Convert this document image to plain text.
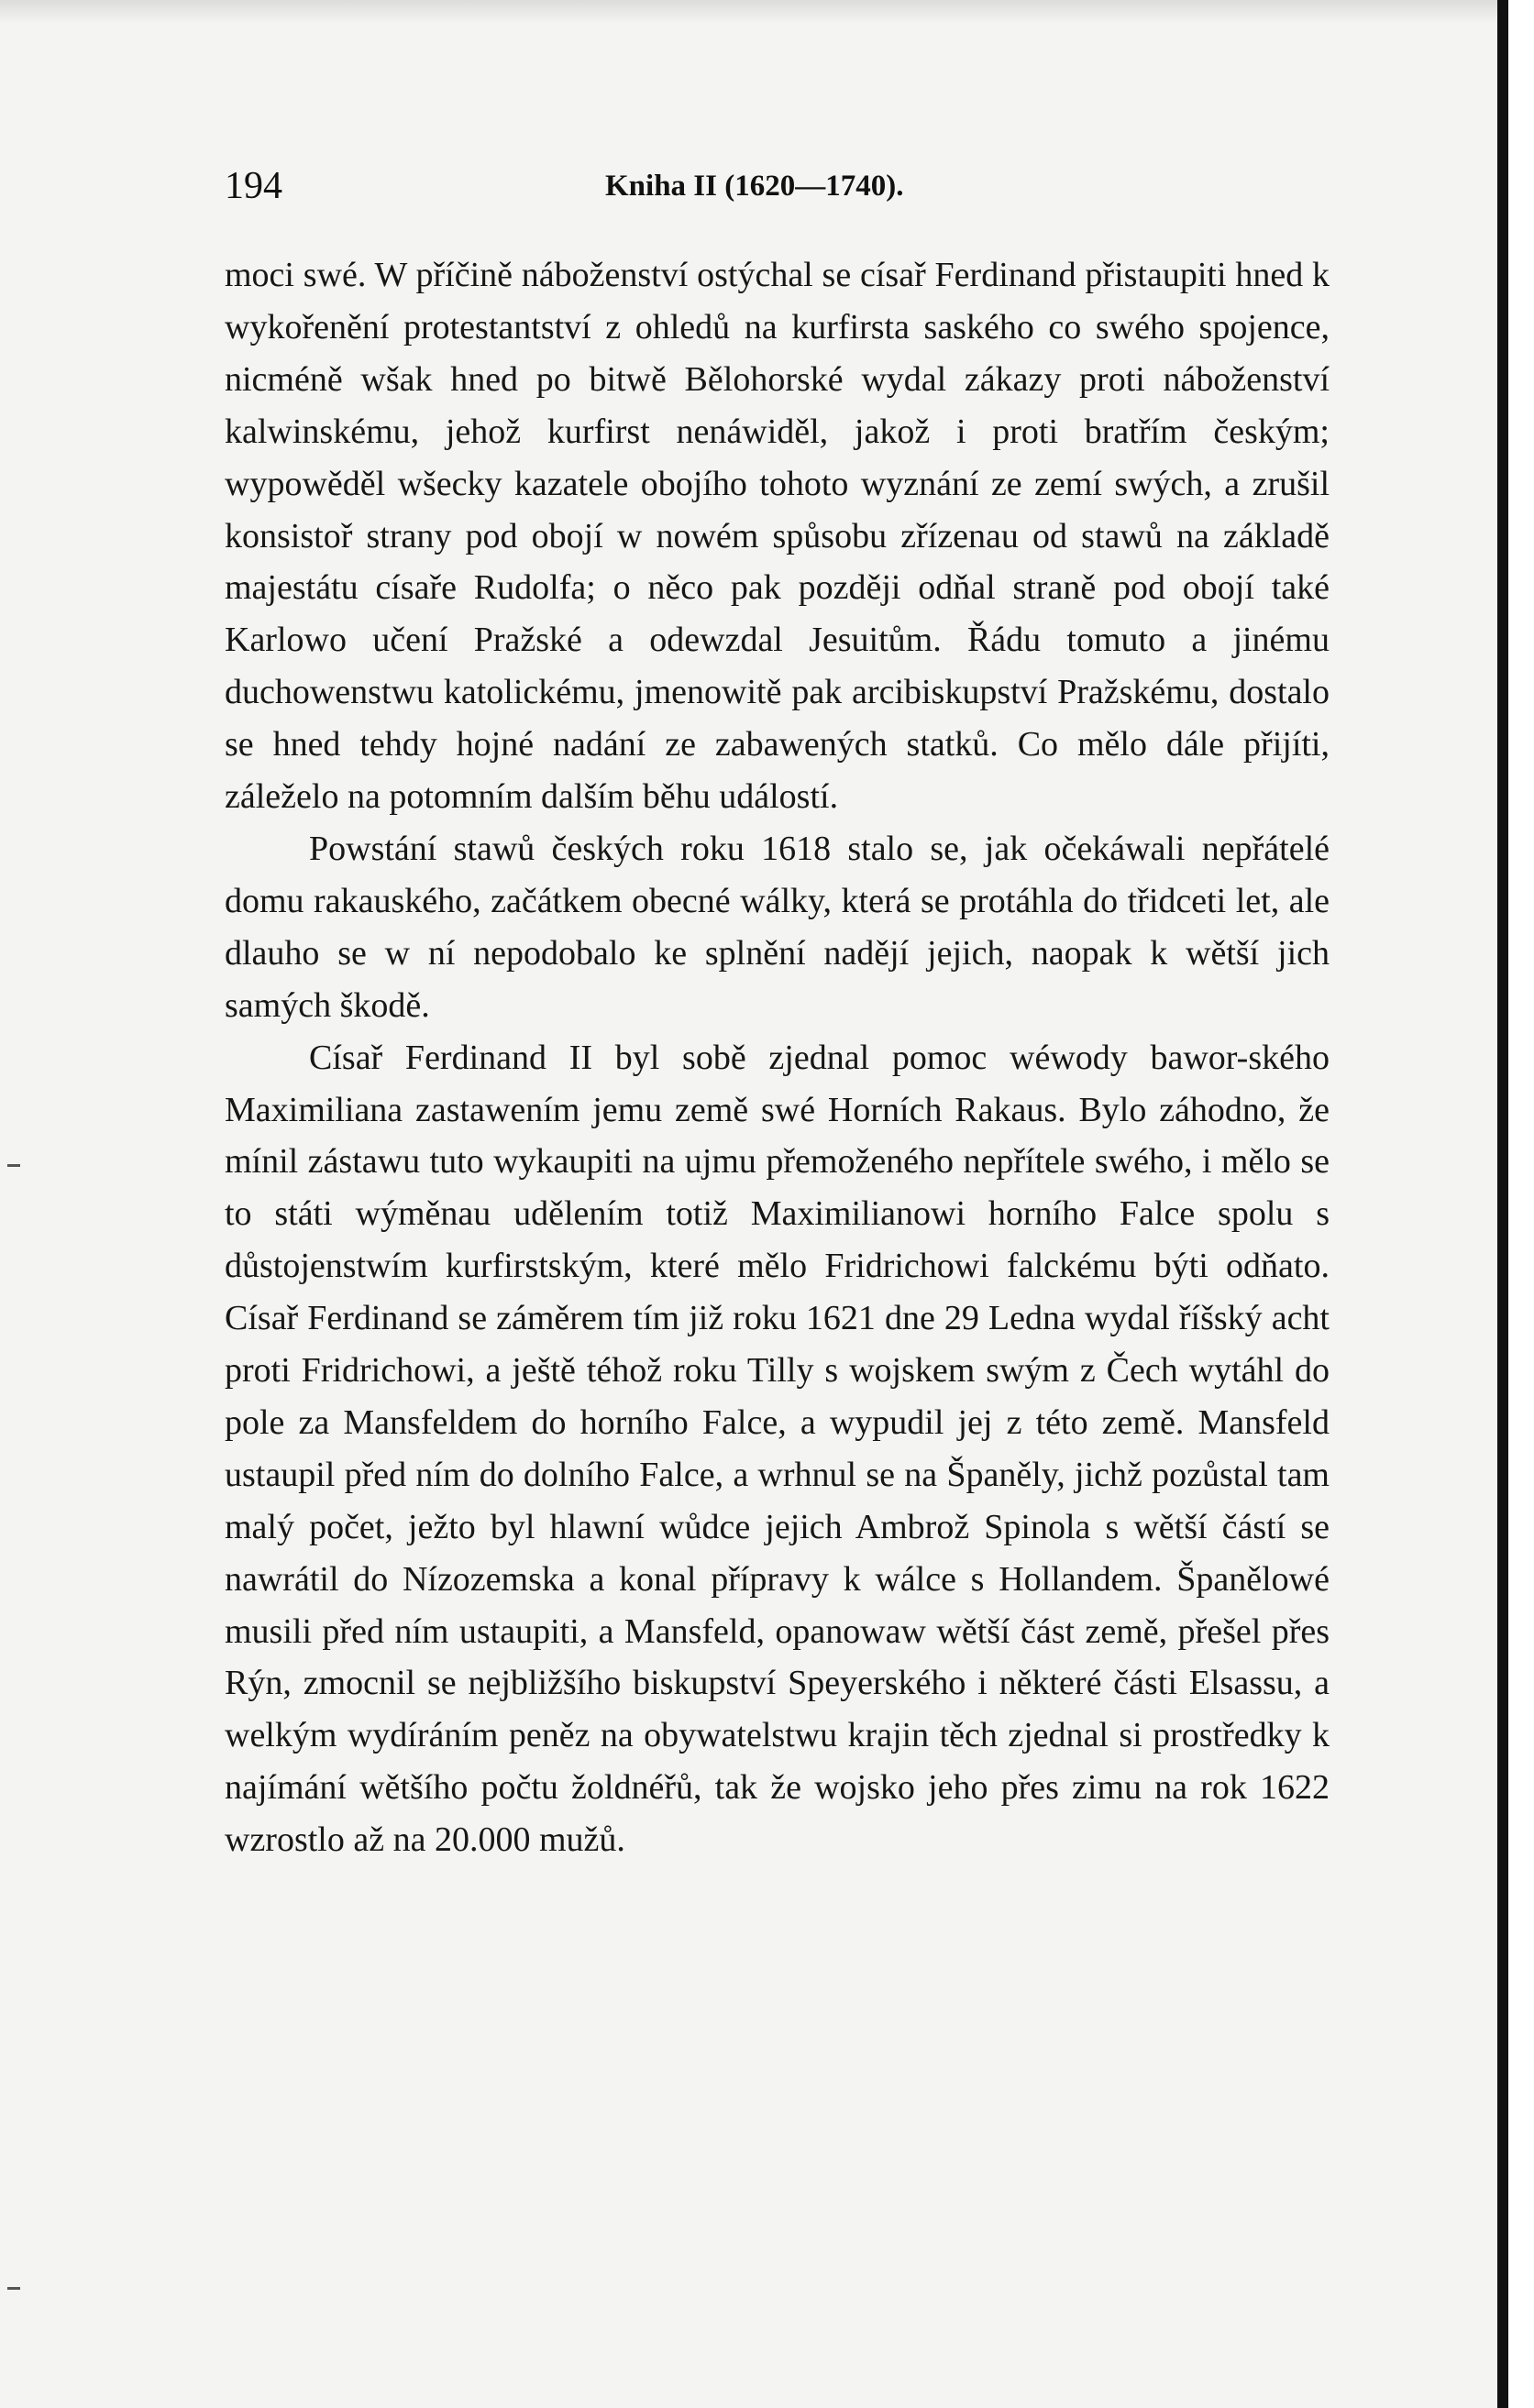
194	Kniha II (1620—1740).

moci swé. W příčině náboženství ostýchal se císař Ferdinand přistaupiti hned k wykořenění protestantství z ohledů na kurfirsta saského co swého spojence, nicméně wšak hned po bitwě Bělohorské wydal zákazy proti náboženství kalwinskému, jehož kurfirst nenáwiděl, jakož i proti bratřím českým; wypowěděl wšecky kazatele obojího tohoto wyznání ze zemí swých, a zrušil konsistoř strany pod obojí w nowém spůsobu zřízenau od stawů na základě majestátu císaře Rudolfa; o něco pak později odňal straně pod obojí také Karlowo učení Pražské a odewzdal Jesuitům. Řádu tomuto a jinému duchowenstwu katolickému, jmenowitě pak arcibiskupství Pražskému, dostalo se hned tehdy hojné nadání ze zabawených statků. Co mělo dále přijíti, záleželo na potomním dalším běhu událostí.

Powstání stawů českých roku 1618 stalo se, jak očekáwali nepřátelé domu rakauského, začátkem obecné wálky, která se protáhla do třidceti let, ale dlauho se w ní nepodobalo ke splnění nadějí jejich, naopak k wětší jich samých škodě.

Císař Ferdinand II byl sobě zjednal pomoc wéwody bawor-ského Maximiliana zastawením jemu země swé Horních Rakaus. Bylo záhodno, že mínil zástawu tuto wykaupiti na ujmu přemoženého nepřítele swého, i mělo se to státi wýměnau udělením totiž Maximilianowi horního Falce spolu s důstojenstwím kurfirstským, které mělo Fridrichowi falckému býti odňato. Císař Ferdinand se záměrem tím již roku 1621 dne 29 Ledna wydal říšský acht proti Fridrichowi, a ještě téhož roku Tilly s wojskem swým z Čech wytáhl do pole za Mansfeldem do horního Falce, a wypudil jej z této země. Mansfeld ustaupil před ním do dolního Falce, a wrhnul se na Španěly, jichž pozůstal tam malý počet, ježto byl hlawní wůdce jejich Ambrož Spinola s wětší částí se nawrátil do Nízozemska a konal přípravy k wálce s Hollandem. Španělowé musili před ním ustaupiti, a Mansfeld, opanowaw wětší část země, přešel přes Rýn, zmocnil se nejbližšího biskupství Speyerského i některé části Elsassu, a welkým wydíráním peněz na obywatelstwu krajin těch zjednal si prostředky k najímání wětšího počtu žoldnéřů, tak že wojsko jeho přes zimu na rok 1622 wzrostlo až na 20.000 mužů.
